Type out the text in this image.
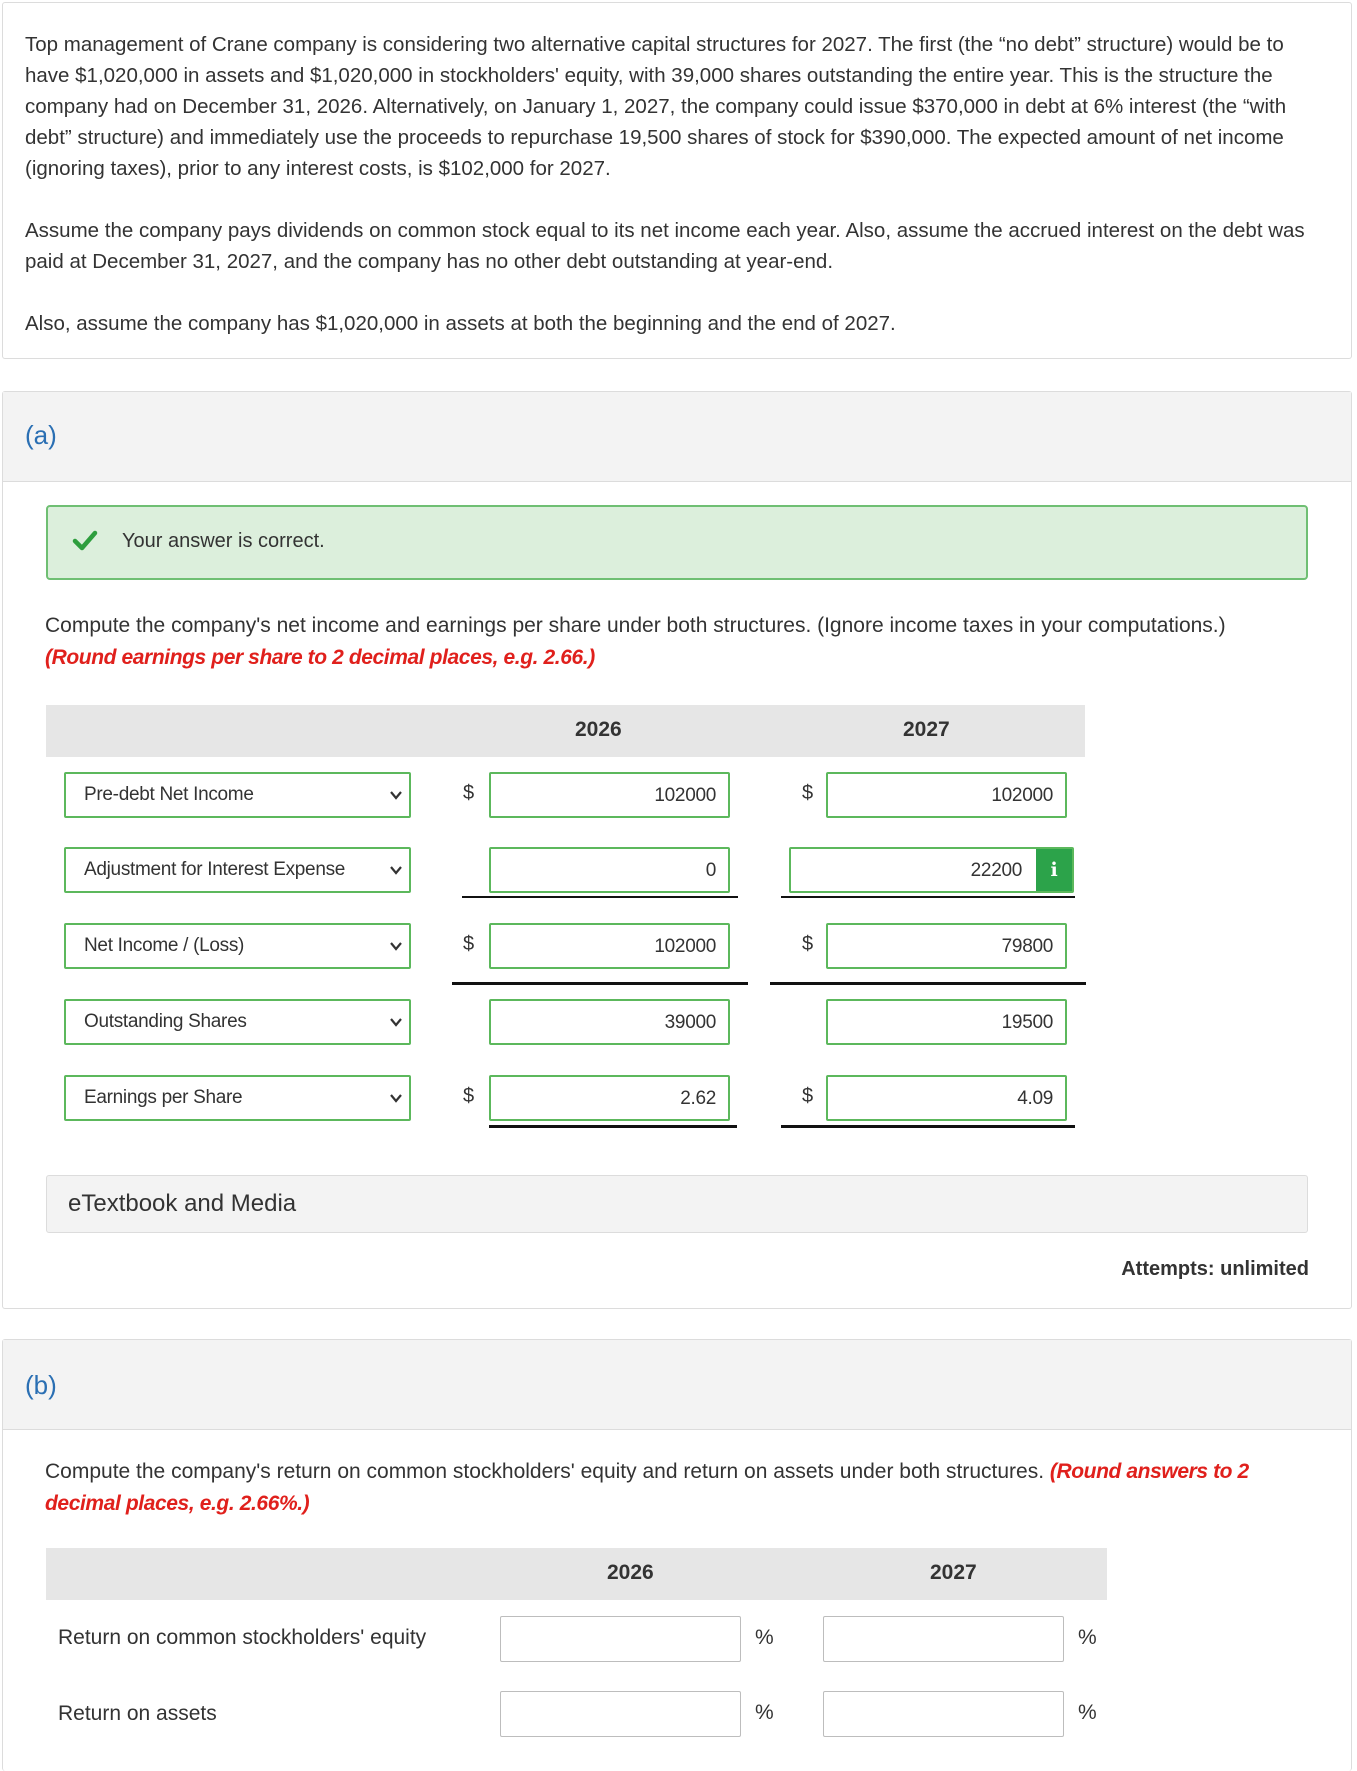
Top management of Crane company is considering two alternative capital structures for 2027. The first (the “no debt” structure) would be to have $1,020,000 in assets and $1,020,000 in stockholders' equity, with 39,000 shares outstanding the entire year. This is the structure the company had on December 31, 2026. Alternatively, on January 1, 2027, the company could issue $370,000 in debt at 6% interest (the “with debt” structure) and immediately use the proceeds to repurchase 19,500 shares of stock for $390,000. The expected amount of net income (ignoring taxes), prior to any interest costs, is $102,000 for 2027.

Assume the company pays dividends on common stock equal to its net income each year. Also, assume the accrued interest on the debt was paid at December 31, 2027, and the company has no other debt outstanding at year-end.

Also, assume the company has $1,020,000 in assets at both the beginning and the end of 2027.

(a)
Your answer is correct.
Compute the company's net income and earnings per share under both structures. (Ignore income taxes in your computations.)
(Round earnings per share to 2 decimal places, e.g. 2.66.)
2026	2027
Pre-debt Net Income	$	102000	$	102000
Adjustment for Interest Expense	0	22200	i
Net Income / (Loss)	$	102000	$	79800
Outstanding Shares	39000	19500
Earnings per Share	$	2.62	$	4.09
eTextbook and Media
Attempts: unlimited
(b)
Compute the company's return on common stockholders' equity and return on assets under both structures. (Round answers to 2 decimal places, e.g. 2.66%.)
2026	2027
Return on common stockholders' equity	%	%
Return on assets	%	%
